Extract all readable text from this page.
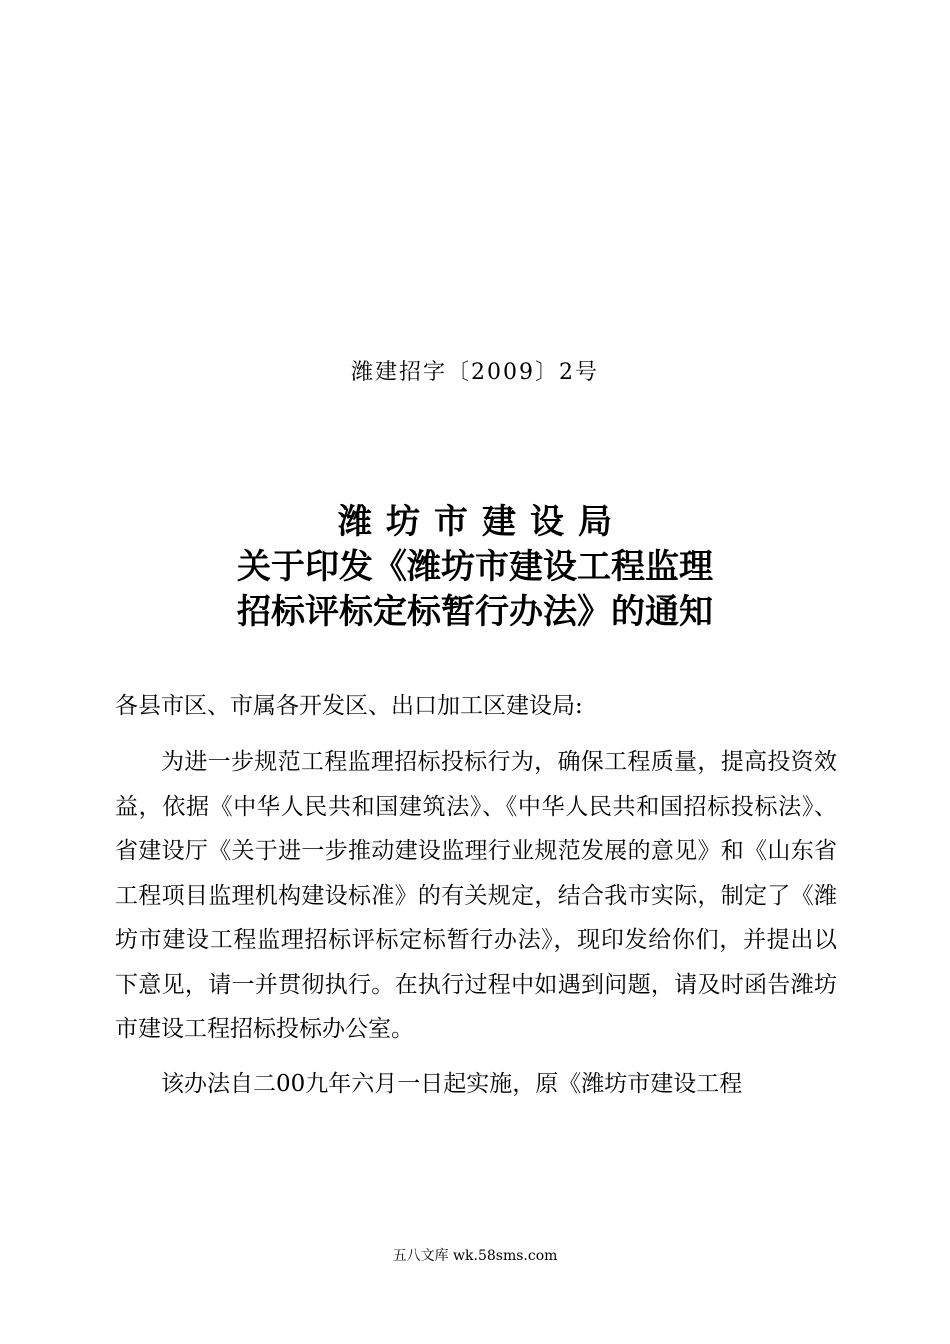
潍建招字〔2009〕2号
潍坊市建设局
关于印发《潍坊市建设工程监理
招标评标定标暂行办法》的通知

各县市区、市属各开发区、出口加工区建设局:

为进一步规范工程监理招标投标行为，确保工程质量，提高投资效益，依据《中华人民共和国建筑法》、《中华人民共和国招标投标法》、省建设厅《关于进一步推动建设监理行业规范发展的意见》和《山东省工程项目监理机构建设标准》的有关规定，结合我市实际，制定了《潍坊市建设工程监理招标评标定标暂行办法》，现印发给你们，并提出以下意见，请一并贯彻执行。在执行过程中如遇到问题，请及时函告潍坊市建设工程招标投标办公室。

该办法自二00九年六月一日起实施，原《潍坊市建设工程

五八文库 wk.58sms.com
